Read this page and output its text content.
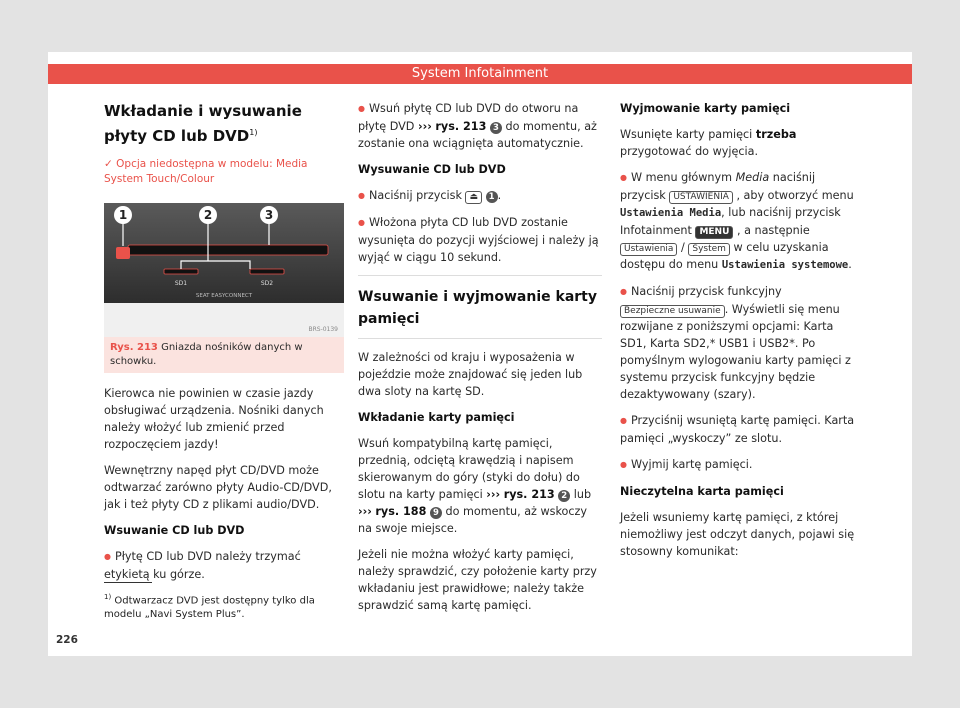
System Infotainment
Wkładanie i wysuwanie płyty CD lub DVD$^{1)}$

✓ Opcja niedostępna w modelu: Media System Touch/Colour

1	2	3
SD1	SD2
SEAT EASYCONNECT
BRS-0139
Rys. 213 Gniazda nośników danych w schowku.

Kierowca nie powinien w czasie jazdy obsługiwać urządzenia. Nośniki danych należy włożyć lub zmienić przed rozpoczęciem jazdy!

Wewnętrzny napęd płyt CD/DVD może odtwarzać zarówno płyty Audio-CD/DVD, jak i też płyty CD z plikami audio/DVD.

Wsuwanie CD lub DVD

● Płytę CD lub DVD należy trzymać etykietą ku górze.

$^{1)}$ Odtwarzacz DVD jest dostępny tylko dla modelu „Navi System Plus”.

● Wsuń płytę CD lub DVD do otworu na płytę DVD ››› rys. 213 3 do momentu, aż zostanie ona wciągnięta automatycznie.

Wysuwanie CD lub DVD

● Naciśnij przycisk ⏏ 1 .

● Włożona płyta CD lub DVD zostanie wysunięta do pozycji wyjściowej i należy ją wyjąć w ciągu 10 sekund.

Wsuwanie i wyjmowanie karty pamięci

W zależności od kraju i wyposażenia w pojeździe może znajdować się jeden lub dwa sloty na kartę SD.

Wkładanie karty pamięci

Wsuń kompatybilną kartę pamięci, przednią, odciętą krawędzią i napisem skierowanym do góry (styki do dołu) do slotu na karty pamięci ››› rys. 213 2 lub ››› rys. 188 9 do momentu, aż wskoczy na swoje miejsce.

Jeżeli nie można włożyć karty pamięci, należy sprawdzić, czy położenie karty przy wkładaniu jest prawidłowe; należy także sprawdzić samą kartę pamięci.

Wyjmowanie karty pamięci

Wsunięte karty pamięci trzeba przygotować do wyjęcia.

● W menu głównym Media naciśnij przycisk USTAWIENIA , aby otworzyć menu Ustawienia Media, lub naciśnij przycisk Infotainment MENU , a następnie Ustawienia / System w celu uzyskania dostępu do menu Ustawienia systemowe.

● Naciśnij przycisk funkcyjny Bezpieczne usuwanie . Wyświetli się menu rozwijane z poniższymi opcjami: Karta SD1, Karta SD2,* USB1 i USB2*. Po pomyślnym wylogowaniu karty pamięci z systemu przycisk funkcyjny będzie dezaktywowany (szary).

● Przyciśnij wsuniętą kartę pamięci. Karta pamięci „wyskoczy” ze slotu.

● Wyjmij kartę pamięci.

Nieczytelna karta pamięci

Jeżeli wsuniemy kartę pamięci, z której niemożliwy jest odczyt danych, pojawi się stosowny komunikat:

226
